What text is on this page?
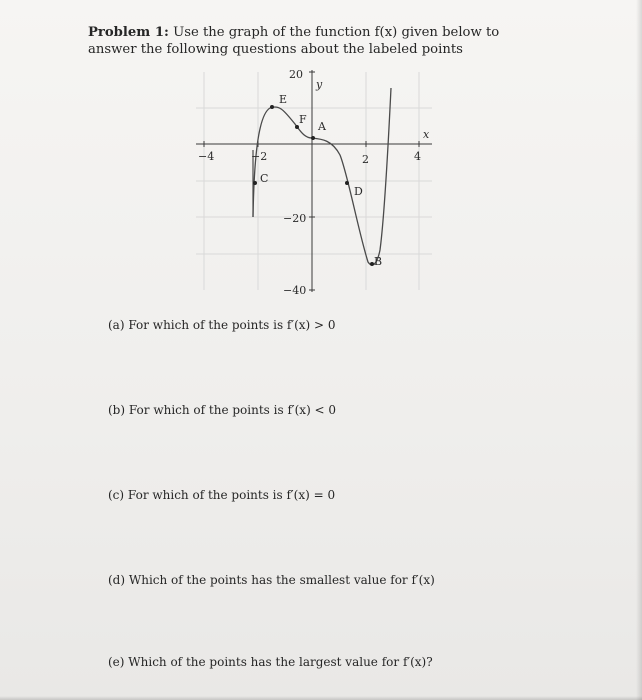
Problem 1: Use the graph of the function f(x) given below to answer the following questions about the labeled points
y
x
−4	−2	2	4
20
−20
−40
E
F
A
C
D
B
(a) For which of the points is f′(x) > 0
(b) For which of the points is f′(x) < 0
(c) For which of the points is f′(x) = 0
(d) Which of the points has the smallest value for f′(x)
(e) Which of the points has the largest value for f′(x)?
